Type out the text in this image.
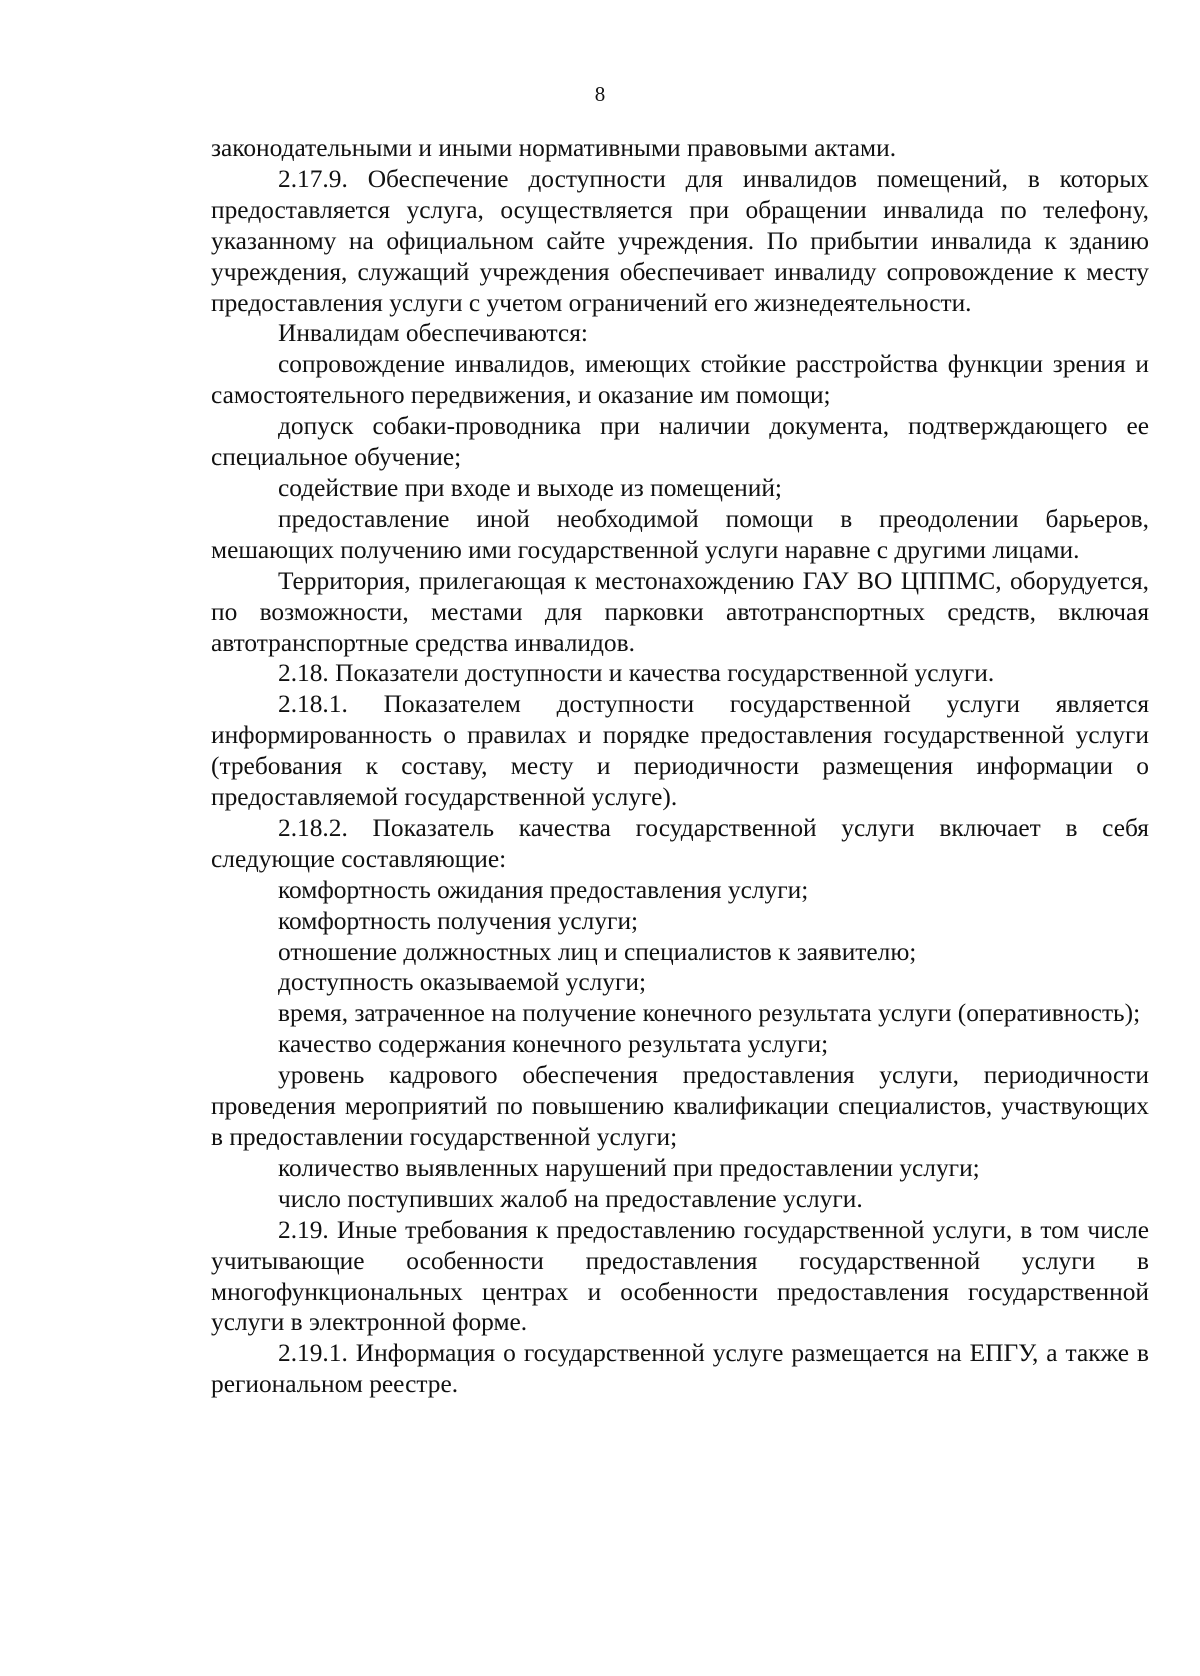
8

законодательными и иными нормативными правовыми актами.

2.17.9. Обеспечение доступности для инвалидов помещений, в которых предоставляется услуга, осуществляется при обращении инвалида по телефону, указанному на официальном сайте учреждения. По прибытии инвалида к зданию учреждения, служащий учреждения обеспечивает инвалиду сопровождение к месту предоставления услуги с учетом ограничений его жизнедеятельности.

Инвалидам обеспечиваются:

сопровождение инвалидов, имеющих стойкие расстройства функции зрения и самостоятельного передвижения, и оказание им помощи;

допуск собаки-проводника при наличии документа, подтверждающего ее специальное обучение;

содействие при входе и выходе из помещений;

предоставление иной необходимой помощи в преодолении барьеров, мешающих получению ими государственной услуги наравне с другими лицами.

Территория, прилегающая к местонахождению ГАУ ВО ЦППМС, оборудуется, по возможности, местами для парковки автотранспортных средств, включая автотранспортные средства инвалидов.

2.18. Показатели доступности и качества государственной услуги.

2.18.1. Показателем доступности государственной услуги является информированность о правилах и порядке предоставления государственной услуги (требования к составу, месту и периодичности размещения информации о предоставляемой государственной услуге).

2.18.2. Показатель качества государственной услуги включает в себя следующие составляющие:

комфортность ожидания предоставления услуги;

комфортность получения услуги;

отношение должностных лиц и специалистов к заявителю;

доступность оказываемой услуги;

время, затраченное на получение конечного результата услуги (оперативность);

качество содержания конечного результата услуги;

уровень кадрового обеспечения предоставления услуги, периодичности проведения мероприятий по повышению квалификации специалистов, участвующих в предоставлении государственной услуги;

количество выявленных нарушений при предоставлении услуги;

число поступивших жалоб на предоставление услуги.

2.19. Иные требования к предоставлению государственной услуги, в том числе учитывающие особенности предоставления государственной услуги в многофункциональных центрах и особенности предоставления государственной услуги в электронной форме.

2.19.1. Информация о государственной услуге размещается на ЕПГУ, а также в региональном реестре.
